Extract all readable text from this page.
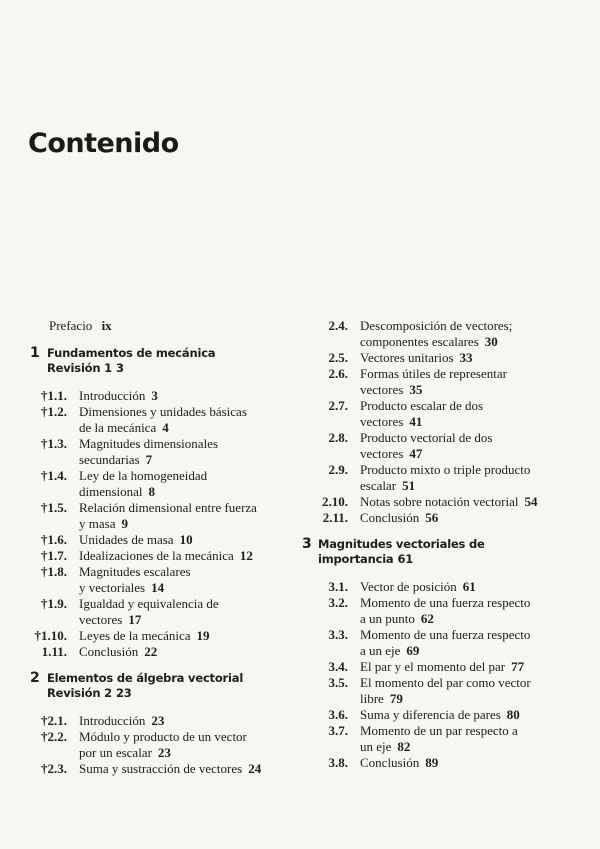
Contenido
Prefacio ix
1 Fundamentos de mecánica
Revisión 1 3
†1.1. Introducción 3
†1.2. Dimensiones y unidades básicas
de la mecánica 4
†1.3. Magnitudes dimensionales
secundarias 7
†1.4. Ley de la homogeneidad
dimensional 8
†1.5. Relación dimensional entre fuerza
y masa 9
†1.6. Unidades de masa 10
†1.7. Idealizaciones de la mecánica 12
†1.8. Magnitudes escalares
y vectoriales 14
†1.9. Igualdad y equivalencia de
vectores 17
†1.10. Leyes de la mecánica 19
1.11. Conclusión 22
2 Elementos de álgebra vectorial
Revisión 2 23
†2.1. Introducción 23
†2.2. Módulo y producto de un vector
por un escalar 23
†2.3. Suma y sustracción de vectores 24
2.4. Descomposición de vectores;
componentes escalares 30
2.5. Vectores unitarios 33
2.6. Formas útiles de representar
vectores 35
2.7. Producto escalar de dos
vectores 41
2.8. Producto vectorial de dos
vectores 47
2.9. Producto mixto o triple producto
escalar 51
2.10. Notas sobre notación vectorial 54
2.11. Conclusión 56
3 Magnitudes vectoriales de
importancia 61
3.1. Vector de posición 61
3.2. Momento de una fuerza respecto
a un punto 62
3.3. Momento de una fuerza respecto
a un eje 69
3.4. El par y el momento del par 77
3.5. El momento del par como vector
libre 79
3.6. Suma y diferencia de pares 80
3.7. Momento de un par respecto a
un eje 82
3.8. Conclusión 89
